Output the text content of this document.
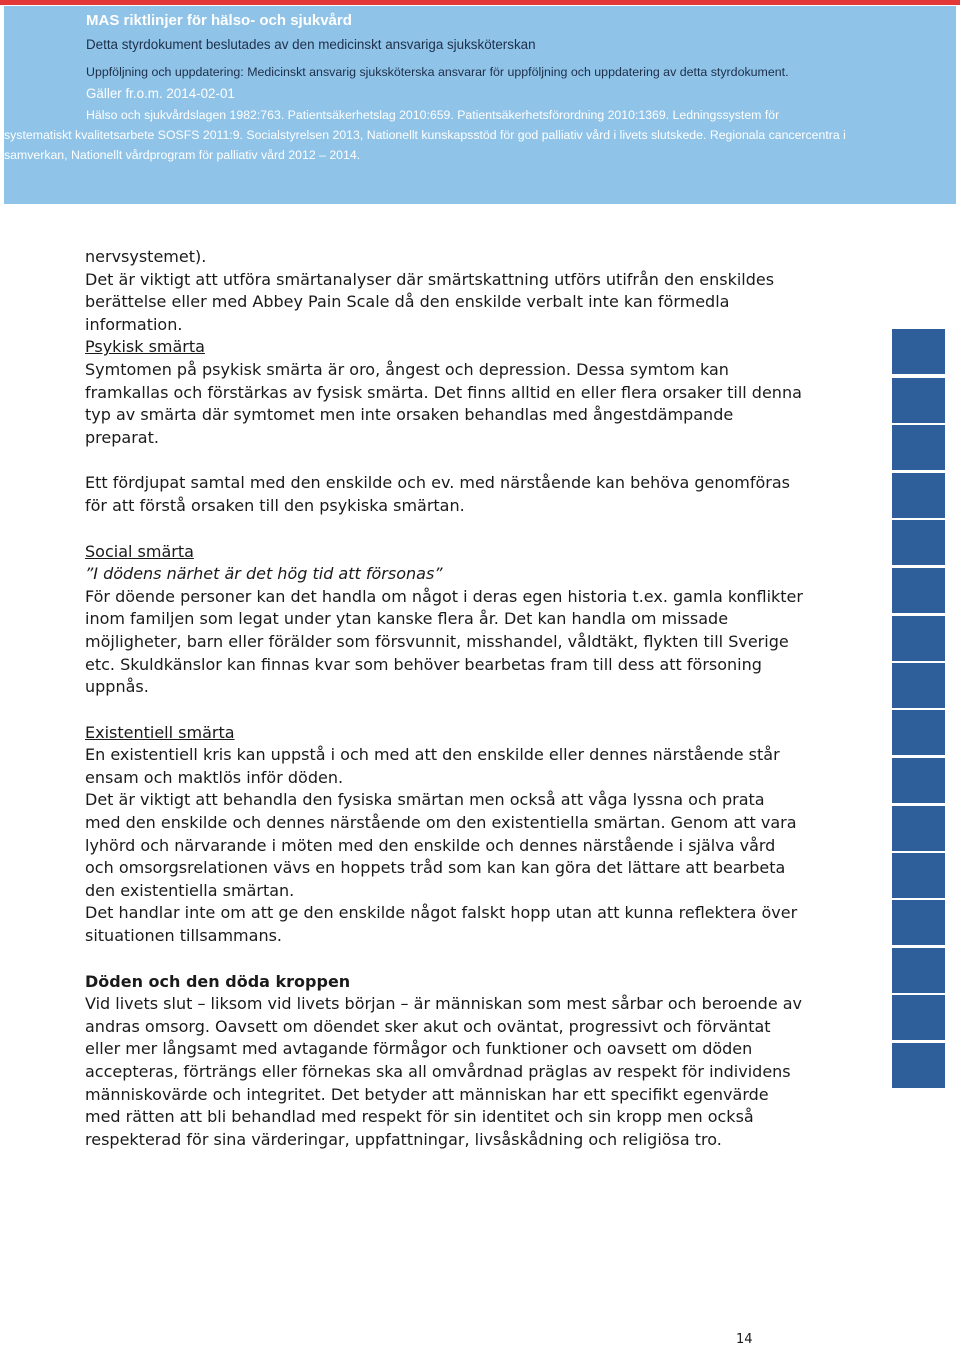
MAS riktlinjer för hälso- och sjukvård
Detta styrdokument beslutades av den medicinskt ansvariga sjuksköterskan
Uppföljning och uppdatering: Medicinskt ansvarig sjuksköterska ansvarar för uppföljning och uppdatering av detta styrdokument.
Gäller fr.o.m. 2014-02-01
Hälso och sjukvårdslagen 1982:763. Patientsäkerhetslag 2010:659. Patientsäkerhetsförordning 2010:1369. Ledningssystem för
systematiskt kvalitetsarbete SOSFS 2011:9. Socialstyrelsen 2013, Nationellt kunskapsstöd för god palliativ vård i livets slutskede. Regionala cancercentra i
samverkan, Nationellt vårdprogram för palliativ vård 2012 – 2014.

nervsystemet).

Det är viktigt att utföra smärtanalyser där smärtskattning utförs utifrån den enskildes berättelse eller med Abbey Pain Scale då den enskilde verbalt inte kan förmedla information.

Psykisk smärta

Symtomen på psykisk smärta är oro, ångest och depression. Dessa symtom kan framkallas och förstärkas av fysisk smärta. Det finns alltid en eller flera orsaker till denna typ av smärta där symtomet men inte orsaken behandlas med ångestdämpande preparat.

Ett fördjupat samtal med den enskilde och ev. med närstående kan behöva genomföras för att förstå orsaken till den psykiska smärtan.

Social smärta

”I dödens närhet är det hög tid att försonas”

För döende personer kan det handla om något i deras egen historia t.ex. gamla konflikter inom familjen som legat under ytan kanske flera år. Det kan handla om missade möjligheter, barn eller förälder som försvunnit, misshandel, våldtäkt, flykten till Sverige etc. Skuldkänslor kan finnas kvar som behöver bearbetas fram till dess att försoning uppnås.

Existentiell smärta

En existentiell kris kan uppstå i och med att den enskilde eller dennes närstående står ensam och maktlös inför döden.

Det är viktigt att behandla den fysiska smärtan men också att våga lyssna och prata med den enskilde och dennes närstående om den existentiella smärtan. Genom att vara lyhörd och närvarande i möten med den enskilde och dennes närstående i själva vård och omsorgsrelationen vävs en hoppets tråd som kan kan göra det lättare att bearbeta den existentiella smärtan.

Det handlar inte om att ge den enskilde något falskt hopp utan att kunna reflektera över situationen tillsammans.

Döden och den döda kroppen

Vid livets slut – liksom vid livets början – är människan som mest sårbar och beroende av andras omsorg. Oavsett om döendet sker akut och oväntat, progressivt och förväntat eller mer långsamt med avtagande förmågor och funktioner och oavsett om döden accepteras, förträngs eller förnekas ska all omvårdnad präglas av respekt för individens människovärde och integritet. Det betyder att människan har ett specifikt egenvärde med rätten att bli behandlad med respekt för sin identitet och sin kropp men också respekterad för sina värderingar, uppfattningar, livsåskådning och religiösa tro.

14
